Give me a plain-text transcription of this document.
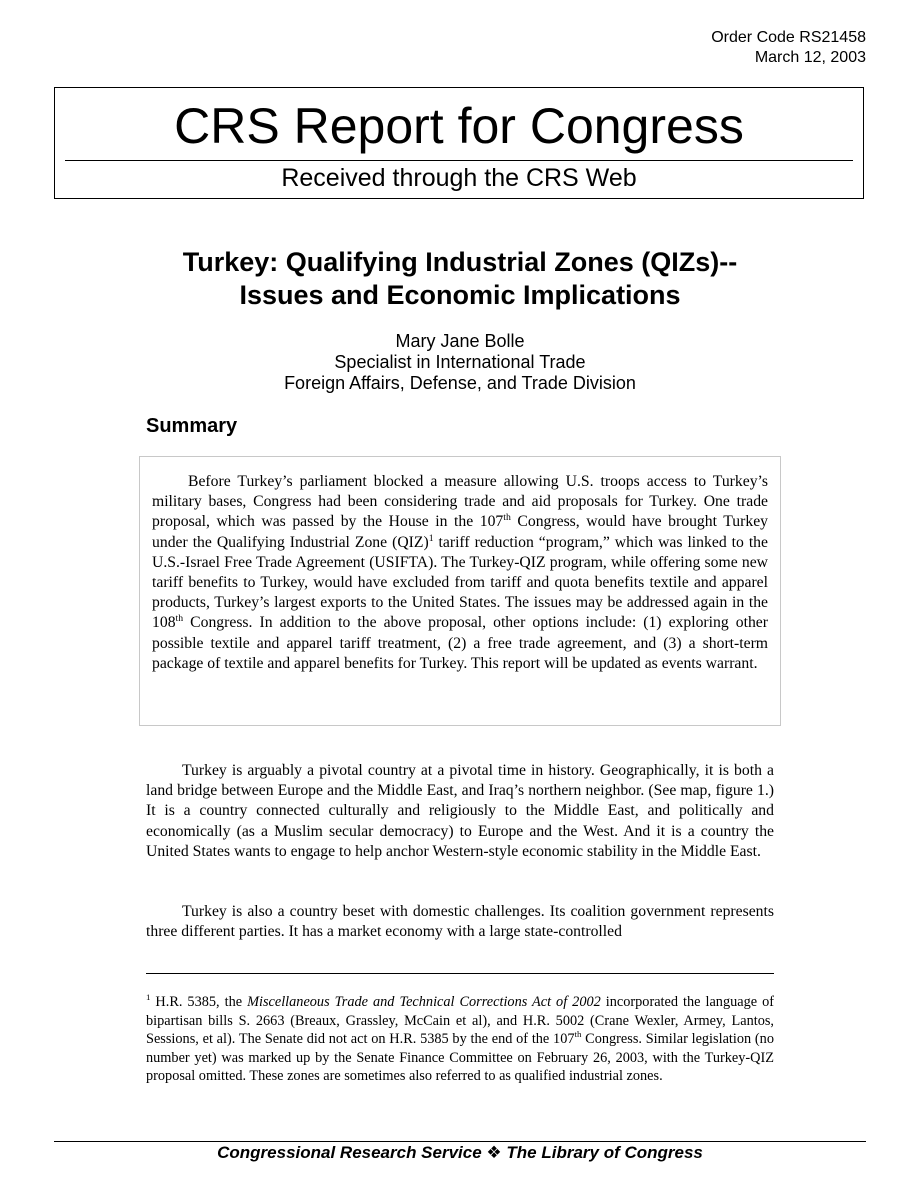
Order Code RS21458
March 12, 2003
CRS Report for Congress
Received through the CRS Web
Turkey: Qualifying Industrial Zones (QIZs)--
Issues and Economic Implications
Mary Jane Bolle
Specialist in International Trade
Foreign Affairs, Defense, and Trade Division
Summary

Before Turkey’s parliament blocked a measure allowing U.S. troops access to Turkey’s military bases, Congress had been considering trade and aid proposals for Turkey. One trade proposal, which was passed by the House in the 107th Congress, would have brought Turkey under the Qualifying Industrial Zone (QIZ)$^1$ tariff reduction “program,” which was linked to the U.S.-Israel Free Trade Agreement (USIFTA). The Turkey-QIZ program, while offering some new tariff benefits to Turkey, would have excluded from tariff and quota benefits textile and apparel products, Turkey’s largest exports to the United States. The issues may be addressed again in the 108th Congress. In addition to the above proposal, other options include: (1) exploring other possible textile and apparel tariff treatment, (2) a free trade agreement, and (3) a short-term package of textile and apparel benefits for Turkey. This report will be updated as events warrant.

Turkey is arguably a pivotal country at a pivotal time in history. Geographically, it is both a land bridge between Europe and the Middle East, and Iraq’s northern neighbor. (See map, figure 1.) It is a country connected culturally and religiously to the Middle East, and politically and economically (as a Muslim secular democracy) to Europe and the West. And it is a country the United States wants to engage to help anchor Western-style economic stability in the Middle East.

Turkey is also a country beset with domestic challenges. Its coalition government represents three different parties. It has a market economy with a large state-controlled

$^1$ H.R. 5385, the Miscellaneous Trade and Technical Corrections Act of 2002 incorporated the language of bipartisan bills S. 2663 (Breaux, Grassley, McCain et al), and H.R. 5002 (Crane Wexler, Armey, Lantos, Sessions, et al). The Senate did not act on H.R. 5385 by the end of the 107th Congress. Similar legislation (no number yet) was marked up by the Senate Finance Committee on February 26, 2003, with the Turkey-QIZ proposal omitted. These zones are sometimes also referred to as qualified industrial zones.

Congressional Research Service ❖ The Library of Congress
